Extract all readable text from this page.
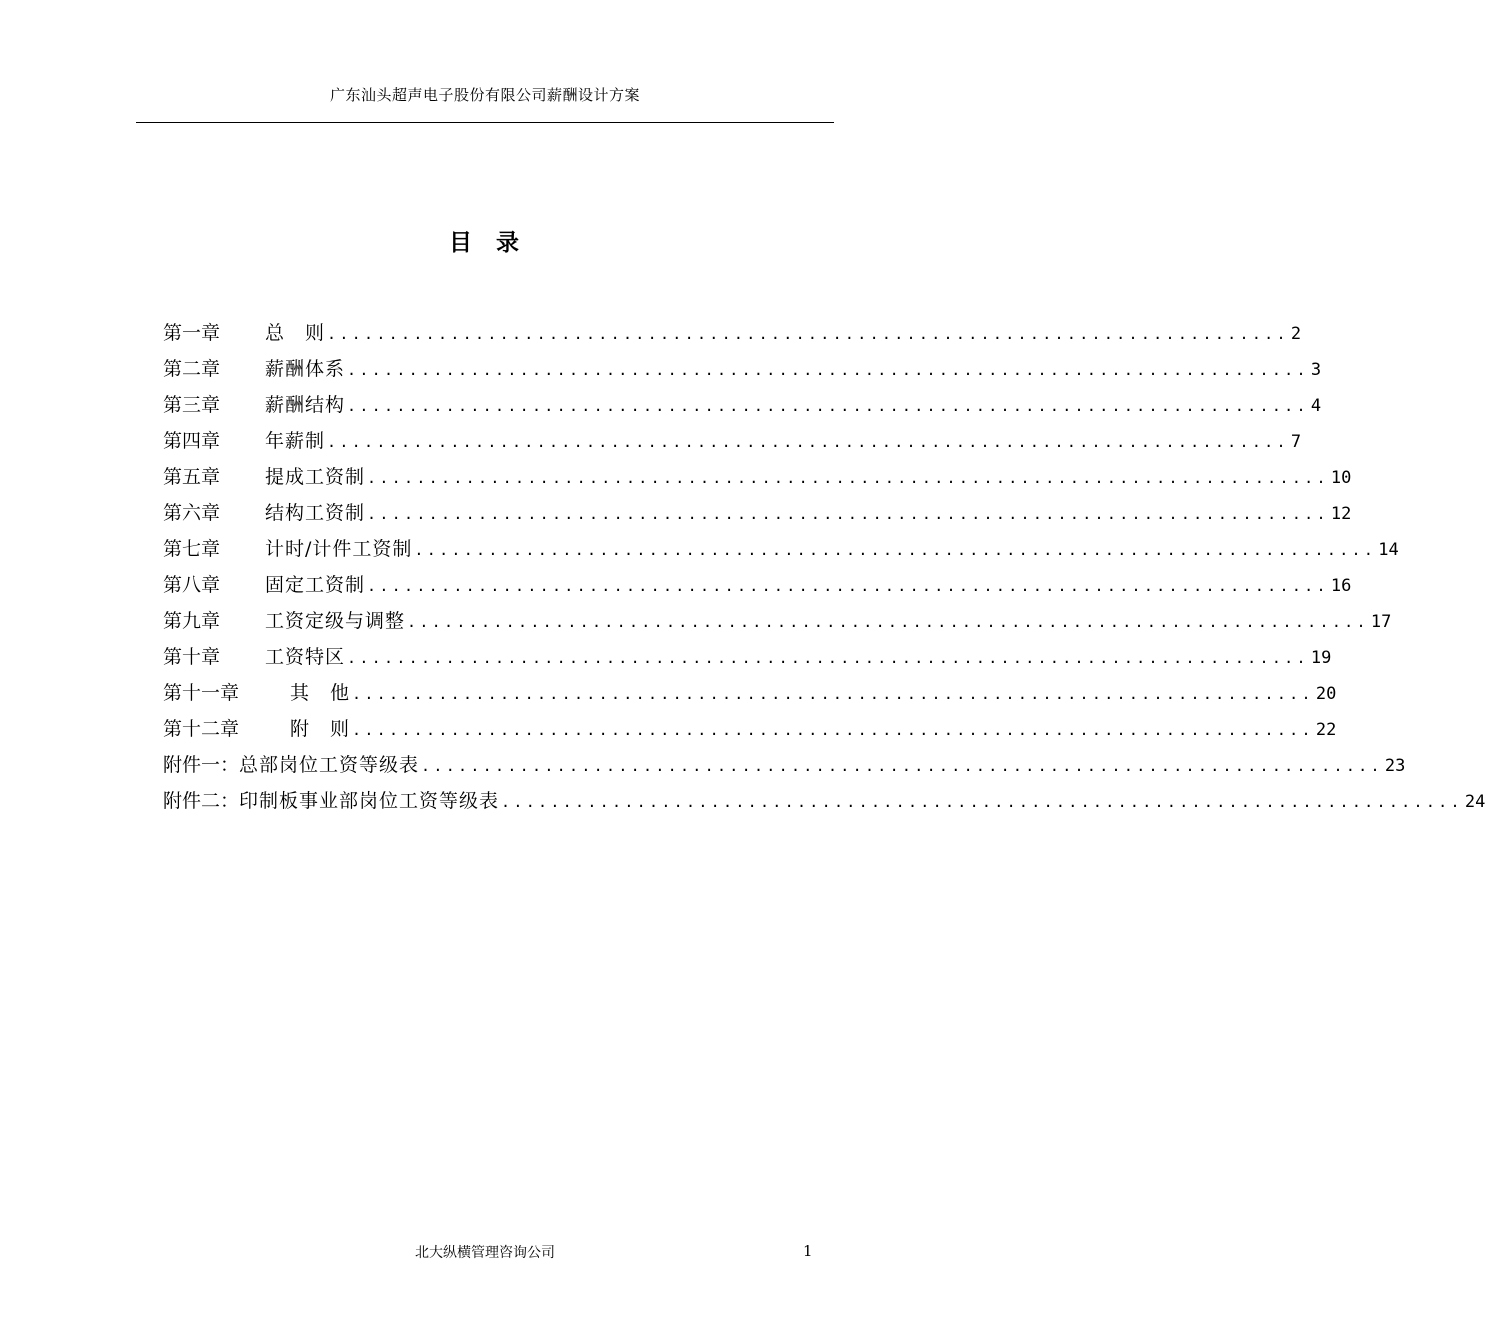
广东汕头超声电子股份有限公司薪酬设计方案
目 录
第一章	总　则 .............................................................................. 2
第二章	薪酬体系 .............................................................................. 3
第三章	薪酬结构 .............................................................................. 4
第四章	年薪制 .............................................................................. 7
第五章	提成工资制 .............................................................................. 10
第六章	结构工资制 .............................................................................. 12
第七章	计时/计件工资制 .............................................................................. 14
第八章	固定工资制 .............................................................................. 16
第九章	工资定级与调整 .............................................................................. 17
第十章	工资特区 .............................................................................. 19
第十一章	其　他 .............................................................................. 20
第十二章	附　则 .............................................................................. 22
附件一： 总部岗位工资等级表 .............................................................................. 23
附件二： 印制板事业部岗位工资等级表 .............................................................................. 24
北大纵横管理咨询公司	1
